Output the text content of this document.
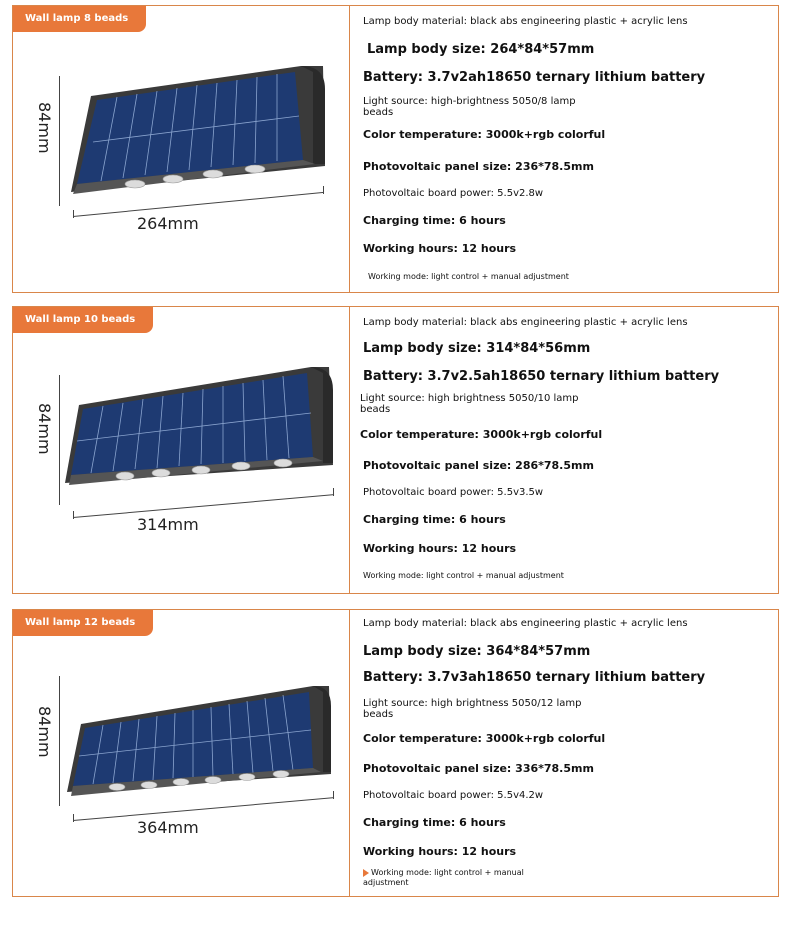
Wall lamp 8 beads
84mm
264mm
Lamp body material: black abs engineering plastic + acrylic lens
Lamp body size: 264*84*57mm
Battery: 3.7v2ah18650 ternary lithium battery
Light source: high-brightness 5050/8 lamp beads
Color temperature: 3000k+rgb colorful
Photovoltaic panel size: 236*78.5mm
Photovoltaic board power: 5.5v2.8w
Charging time: 6 hours
Working hours: 12 hours
Working mode: light control + manual adjustment
Wall lamp 10 beads
84mm
314mm
Lamp body material: black abs engineering plastic + acrylic lens
Lamp body size: 314*84*56mm
Battery: 3.7v2.5ah18650 ternary lithium battery
Light source: high brightness 5050/10 lamp beads
Color temperature: 3000k+rgb colorful
Photovoltaic panel size: 286*78.5mm
Photovoltaic board power: 5.5v3.5w
Charging time: 6 hours
Working hours: 12 hours
Working mode: light control + manual adjustment
Wall lamp 12 beads
84mm
364mm
Lamp body material: black abs engineering plastic + acrylic lens
Lamp body size: 364*84*57mm
Battery: 3.7v3ah18650 ternary lithium battery
Light source: high brightness 5050/12 lamp beads
Color temperature: 3000k+rgb colorful
Photovoltaic panel size: 336*78.5mm
Photovoltaic board power: 5.5v4.2w
Charging time: 6 hours
Working hours: 12 hours
Working mode: light control + manual adjustment
